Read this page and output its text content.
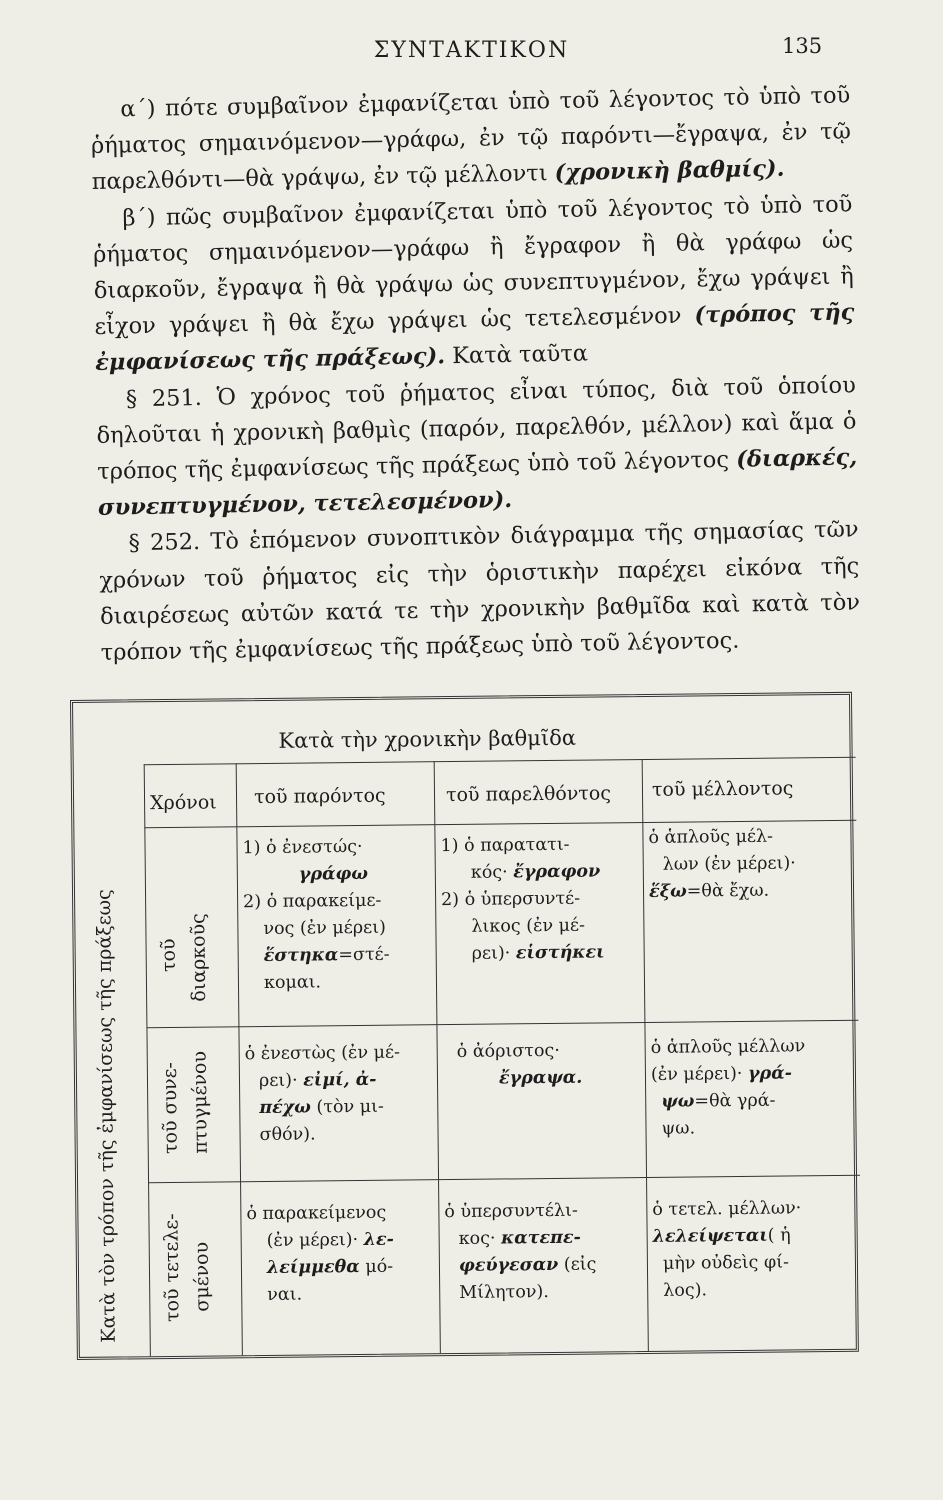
ΣΥΝΤΑΚΤΙΚΟΝ	135

α΄) πότε συμβαῖνον ἐμφανίζεται ὑπὸ τοῦ λέγοντος τὸ ὑπὸ τοῦ ῥήματος σημαινόμενον—γράφω, ἐν τῷ παρόντι—ἔγραψα, ἐν τῷ παρελθόντι—θὰ γράψω, ἐν τῷ μέλλοντι (χρονικὴ βαθμίς).

β΄) πῶς συμβαῖνον ἐμφανίζεται ὑπὸ τοῦ λέγοντος τὸ ὑπὸ τοῦ ῥήματος σημαινόμενον—γράφω ἢ ἔγραφον ἢ θὰ γράφω ὡς διαρκοῦν, ἔγραψα ἢ θὰ γράψω ὡς συνεπτυγμένον, ἔχω γράψει ἢ εἶχον γράψει ἢ θὰ ἔχω γράψει ὡς τετελεσμένον (τρόπος τῆς ἐμφανίσεως τῆς πράξεως). Κατὰ ταῦτα

§ 251. Ὁ χρόνος τοῦ ῥήματος εἶναι τύπος, διὰ τοῦ ὁποίου δηλοῦται ἡ χρονικὴ βαθμὶς (παρόν, παρελθόν, μέλλον) καὶ ἅμα ὁ τρόπος τῆς ἐμφανίσεως τῆς πράξεως ὑπὸ τοῦ λέγοντος (διαρκές, συνεπτυγμένον, τετελεσμένον).

§ 252. Τὸ ἑπόμενον συνοπτικὸν διάγραμμα τῆς σημασίας τῶν χρόνων τοῦ ῥήματος εἰς τὴν ὁριστικὴν παρέχει εἰκόνα τῆς διαιρέσεως αὐτῶν κατά τε τὴν χρονικὴν βαθμῖδα καὶ κατὰ τὸν τρόπον τῆς ἐμφανίσεως τῆς πράξεως ὑπὸ τοῦ λέγοντος.

Κατὰ τὴν χρονικὴν βαθμῖδα
Κατὰ τὸν τρόπον τῆς ἐμφανίσεως τῆς πράξεως
Χρόνοι τοῦ παρόντος	τοῦ παρελθόντος τοῦ μέλλοντος
τοῦ διαρκοῦς
τοῦ συνε- πτυγμένου
τοῦ τετελε- σμένου

1) ὁ ἐνεστώς·

γράφω

2) ὁ παρακείμε-

νος (ἐν μέρει)

ἕστηκα=στέ-

κομαι.

1) ὁ παρατατι-

κός· ἔγραφον

2) ὁ ὑπερσυντέ-

λικος (ἐν μέ-

ρει)· εἱστήκει

ὁ ἁπλοῦς μέλ-

λων (ἐν μέρει)·

ἕξω=θὰ ἔχω.

ὁ ἐνεστὼς (ἐν μέ-

ρει)· εἰμί, ἀ-

πέχω (τὸν μι-

σθόν).

ὁ ἀόριστος·

ἔγραψα.

ὁ ἁπλοῦς μέλλων

(ἐν μέρει)· γρά-

ψω=θὰ γρά-

ψω.

ὁ παρακείμενος

(ἐν μέρει)· λε-

λείμμεθα μό-

ναι.

ὁ ὑπερσυντέλι-

κος· κατεπε-

φεύγεσαν (εἰς

Μίλητον).

ὁ τετελ. μέλλων·

λελείψεται( ἡ

μὴν οὐδεὶς φί-

λος).
